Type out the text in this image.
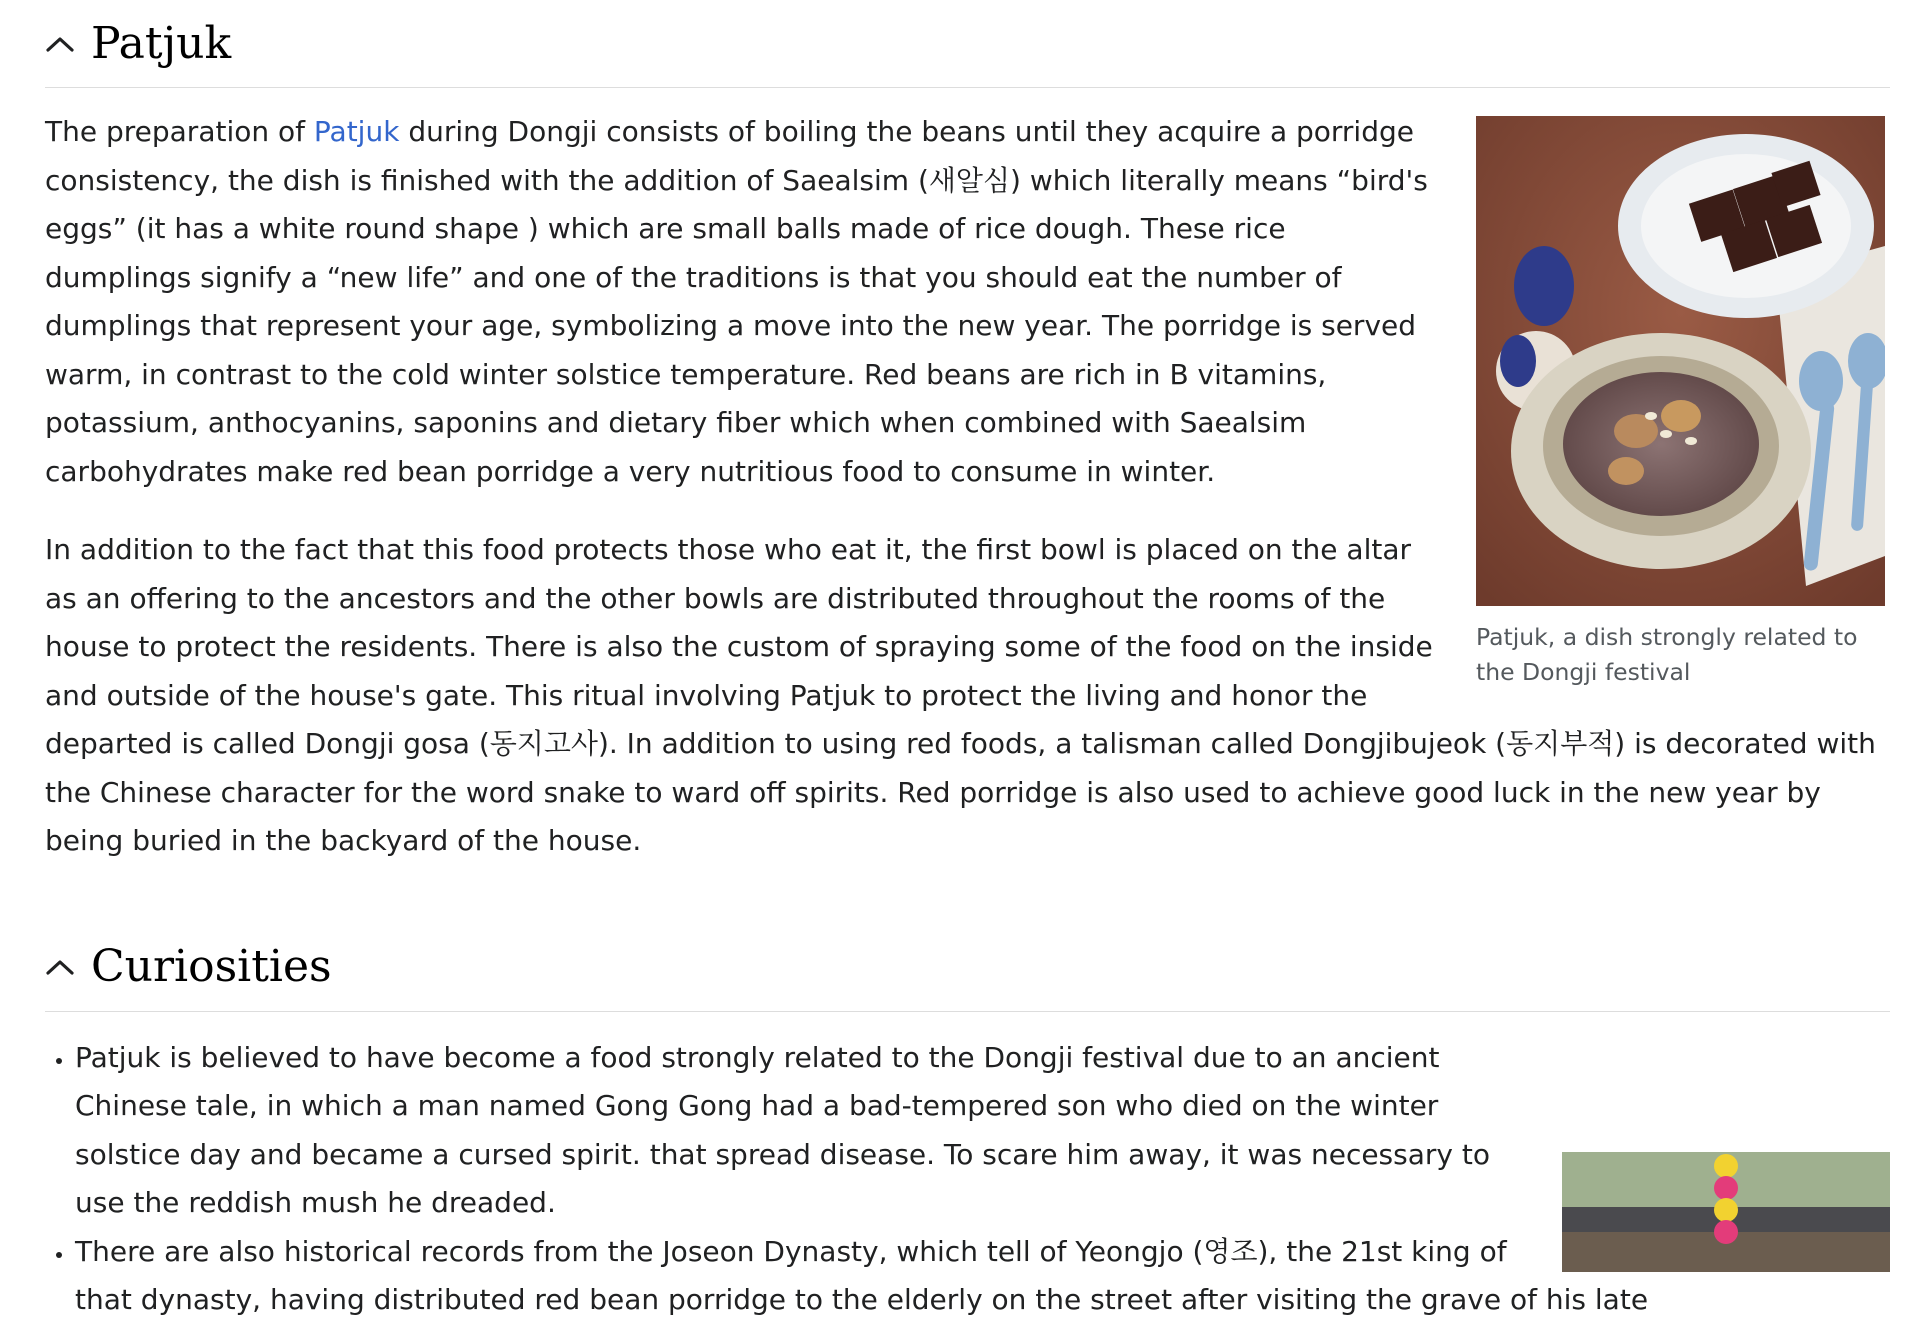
Patjuk
Patjuk, a dish strongly related to the Dongji festival

The preparation of Patjuk during Dongji consists of boiling the beans until they acquire a porridge consistency, the dish is finished with the addition of Saealsim (새알심) which literally means “bird's eggs” (it has a white round shape ) which are small balls made of rice dough. These rice dumplings signify a “new life” and one of the traditions is that you should eat the number of dumplings that represent your age, symbolizing a move into the new year. The porridge is served warm, in contrast to the cold winter solstice temperature. Red beans are rich in B vitamins, potassium, anthocyanins, saponins and dietary fiber which when combined with Saealsim carbohydrates make red bean porridge a very nutritious food to consume in winter.

In addition to the fact that this food protects those who eat it, the first bowl is placed on the altar as an offering to the ancestors and the other bowls are distributed throughout the rooms of the house to protect the residents. There is also the custom of spraying some of the food on the inside and outside of the house's gate. This ritual involving Patjuk to protect the living and honor the departed is called Dongji gosa (동지고사). In addition to using red foods, a talisman called Dongjibujeok (동지부적) is decorated with the Chinese character for the word snake to ward off spirits. Red porridge is also used to achieve good luck in the new year by being buried in the backyard of the house.

Curiosities
• Patjuk is believed to have become a food strongly related to the Dongji festival due to an ancient Chinese tale, in which a man named Gong Gong had a bad-tempered son who died on the winter solstice day and became a cursed spirit. that spread disease. To scare him away, it was necessary to use the reddish mush he dreaded.
• There are also historical records from the Joseon Dynasty, which tell of Yeongjo (영조), the 21st king of that dynasty, having distributed red bean porridge to the elderly on the street after visiting the grave of his late
